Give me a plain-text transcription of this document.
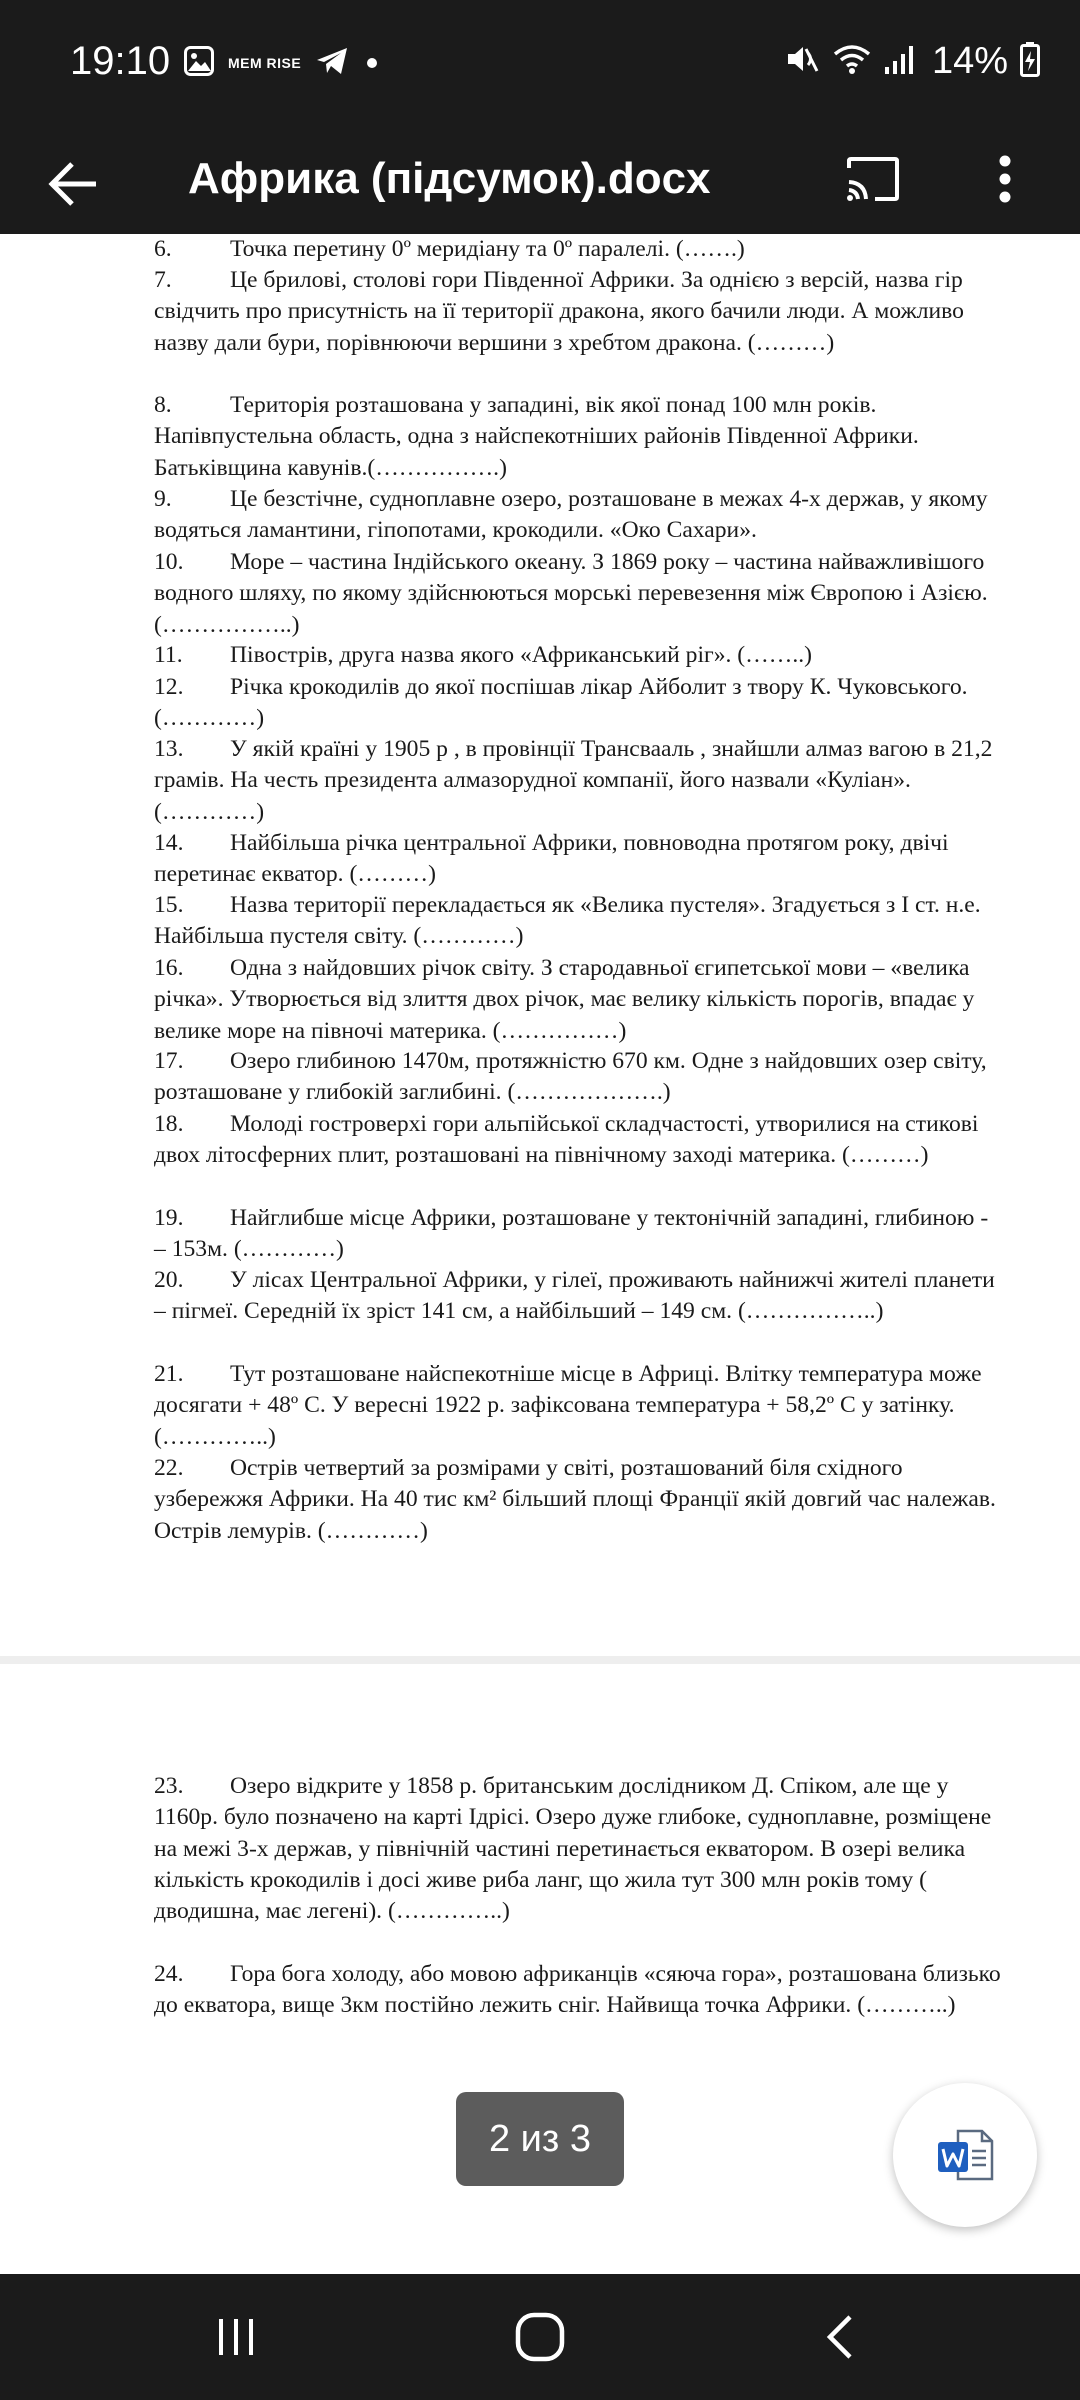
19:10	MEM RISE	14%
Африка (підсумок).docx

6. Точка перетину 0º меридіану та 0º паралелі. (…….)

7. Це брилові, столові гори Південної Африки. За однією з версій, назва гір свідчить про присутність на її території дракона, якого бачили люди. А можливо назву дали бури, порівнюючи вершини з хребтом дракона. (………)

8. Територія розташована у западині, вік якої понад 100 млн років. Напівпустельна область, одна з найспекотніших районів Південної Африки. Батьківщина кавунів.(…………….)

9. Це безстічне, судноплавне озеро, розташоване в межах 4-х держав, у якому водяться ламантини, гіпопотами, крокодили. «Око Сахари».

10. Море – частина Індійського океану. З 1869 року – частина найважливішого водного шляху, по якому здійснюються морські перевезення між Європою і Азією. (……………..)

11. Півострів, друга назва якого «Африканський ріг». (……..)

12. Річка крокодилів до якої поспішав лікар Айболит з твору К. Чуковського. (…………)

13. У якій країні у 1905 р , в провінції Трансвааль , знайшли алмаз вагою в 21,2 грамів. На честь президента алмазорудної компанії, його назвали «Куліан». (…………)

14. Найбільша річка центральної Африки, повноводна протягом року, двічі перетинає екватор. (………)

15. Назва території перекладається як «Велика пустеля». Згадується з І ст. н.е. Найбільша пустеля світу. (…………)

16. Одна з найдовших річок світу. З стародавньої єгипетської мови – «велика річка». Утворюється від злиття двох річок, має велику кількість порогів, впадає у велике море на півночі материка. (……………)

17. Озеро глибиною 1470м, протяжністю 670 км. Одне з найдовших озер світу, розташоване у глибокій заглибині. (……………….)

18. Молоді гостроверхі гори альпійської складчастості, утворилися на стикові двох літосферних плит, розташовані на північному заході материка. (………)

19. Найглибше місце Африки, розташоване у тектонічній западині, глибиною - – 153м. (…………)

20. У лісах Центральної Африки, у гілеї, проживають найнижчі жителі планети – пігмеї. Середній їх зріст 141 см, а найбільший – 149 см. (……………..)

21. Тут розташоване найспекотніше місце в Африці. Влітку температура може досягати + 48º С. У вересні 1922 р. зафіксована температура + 58,2º С у затінку. (…………..)

22. Острів четвертий за розмірами у світі, розташований біля східного узбережжя Африки. На 40 тис км² більший площі Франції якій довгий час належав. Острів лемурів. (…………)

23. Озеро відкрите у 1858 р. британським дослідником Д. Спіком, але ще у 1160р. було позначено на карті Ідрісі. Озеро дуже глибоке, судноплавне, розміщене на межі 3-х держав, у північній частині перетинається екватором. В озері велика кількість крокодилів і досі живе риба ланг, що жила тут 300 млн років тому ( дводишна, має легені). (…………..)

24. Гора бога холоду, або мовою африканців «сяюча гора», розташована близько до екватора, вище 3км постійно лежить сніг. Найвища точка Африки. (………..)

2 из 3
